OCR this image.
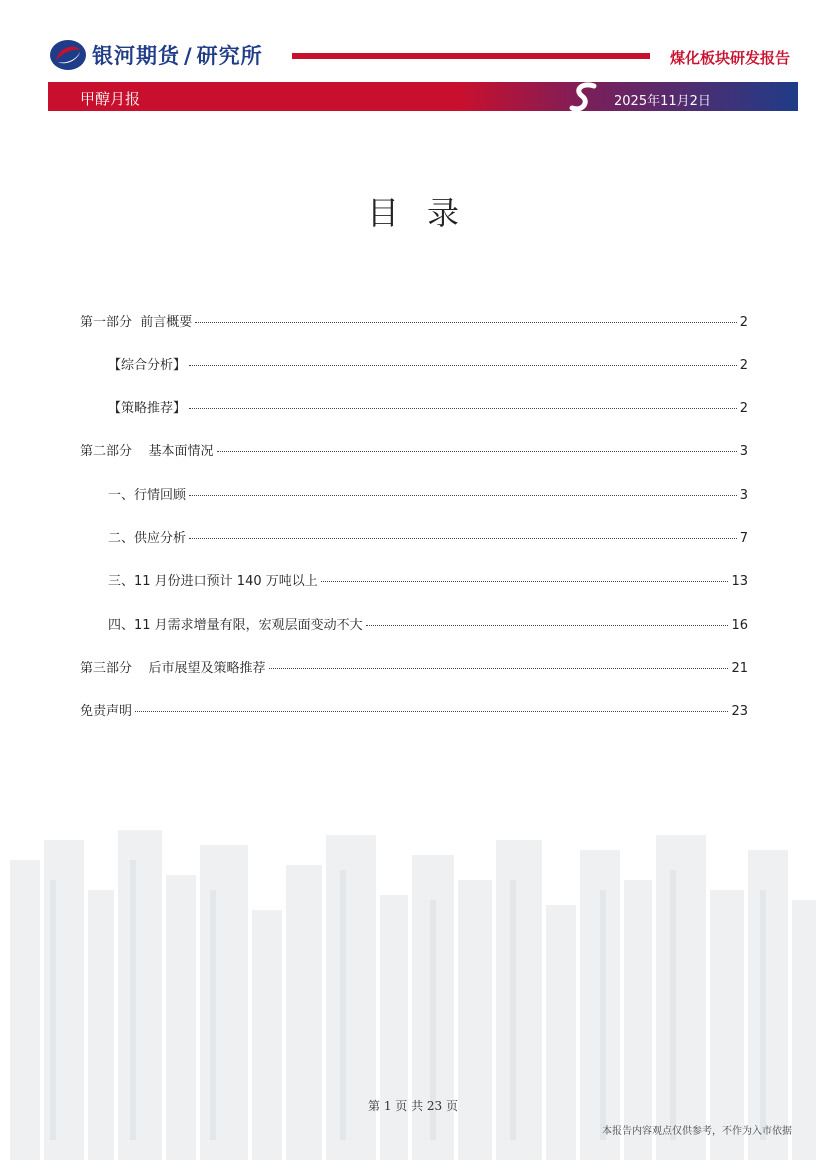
银河期货 / 研究所	煤化板块研发报告
甲醇月报	2025年11月2日
目录
第一部分  前言概要	2
【综合分析】	2
【策略推荐】	2
第二部分    基本面情况	3
一、行情回顾	3
二、供应分析	7
三、11 月份进口预计 140 万吨以上	13
四、11 月需求增量有限，宏观层面变动不大	16
第三部分    后市展望及策略推荐	21
免责声明	23
第 1 页 共 23 页
本报告内容观点仅供参考，不作为入市依据
